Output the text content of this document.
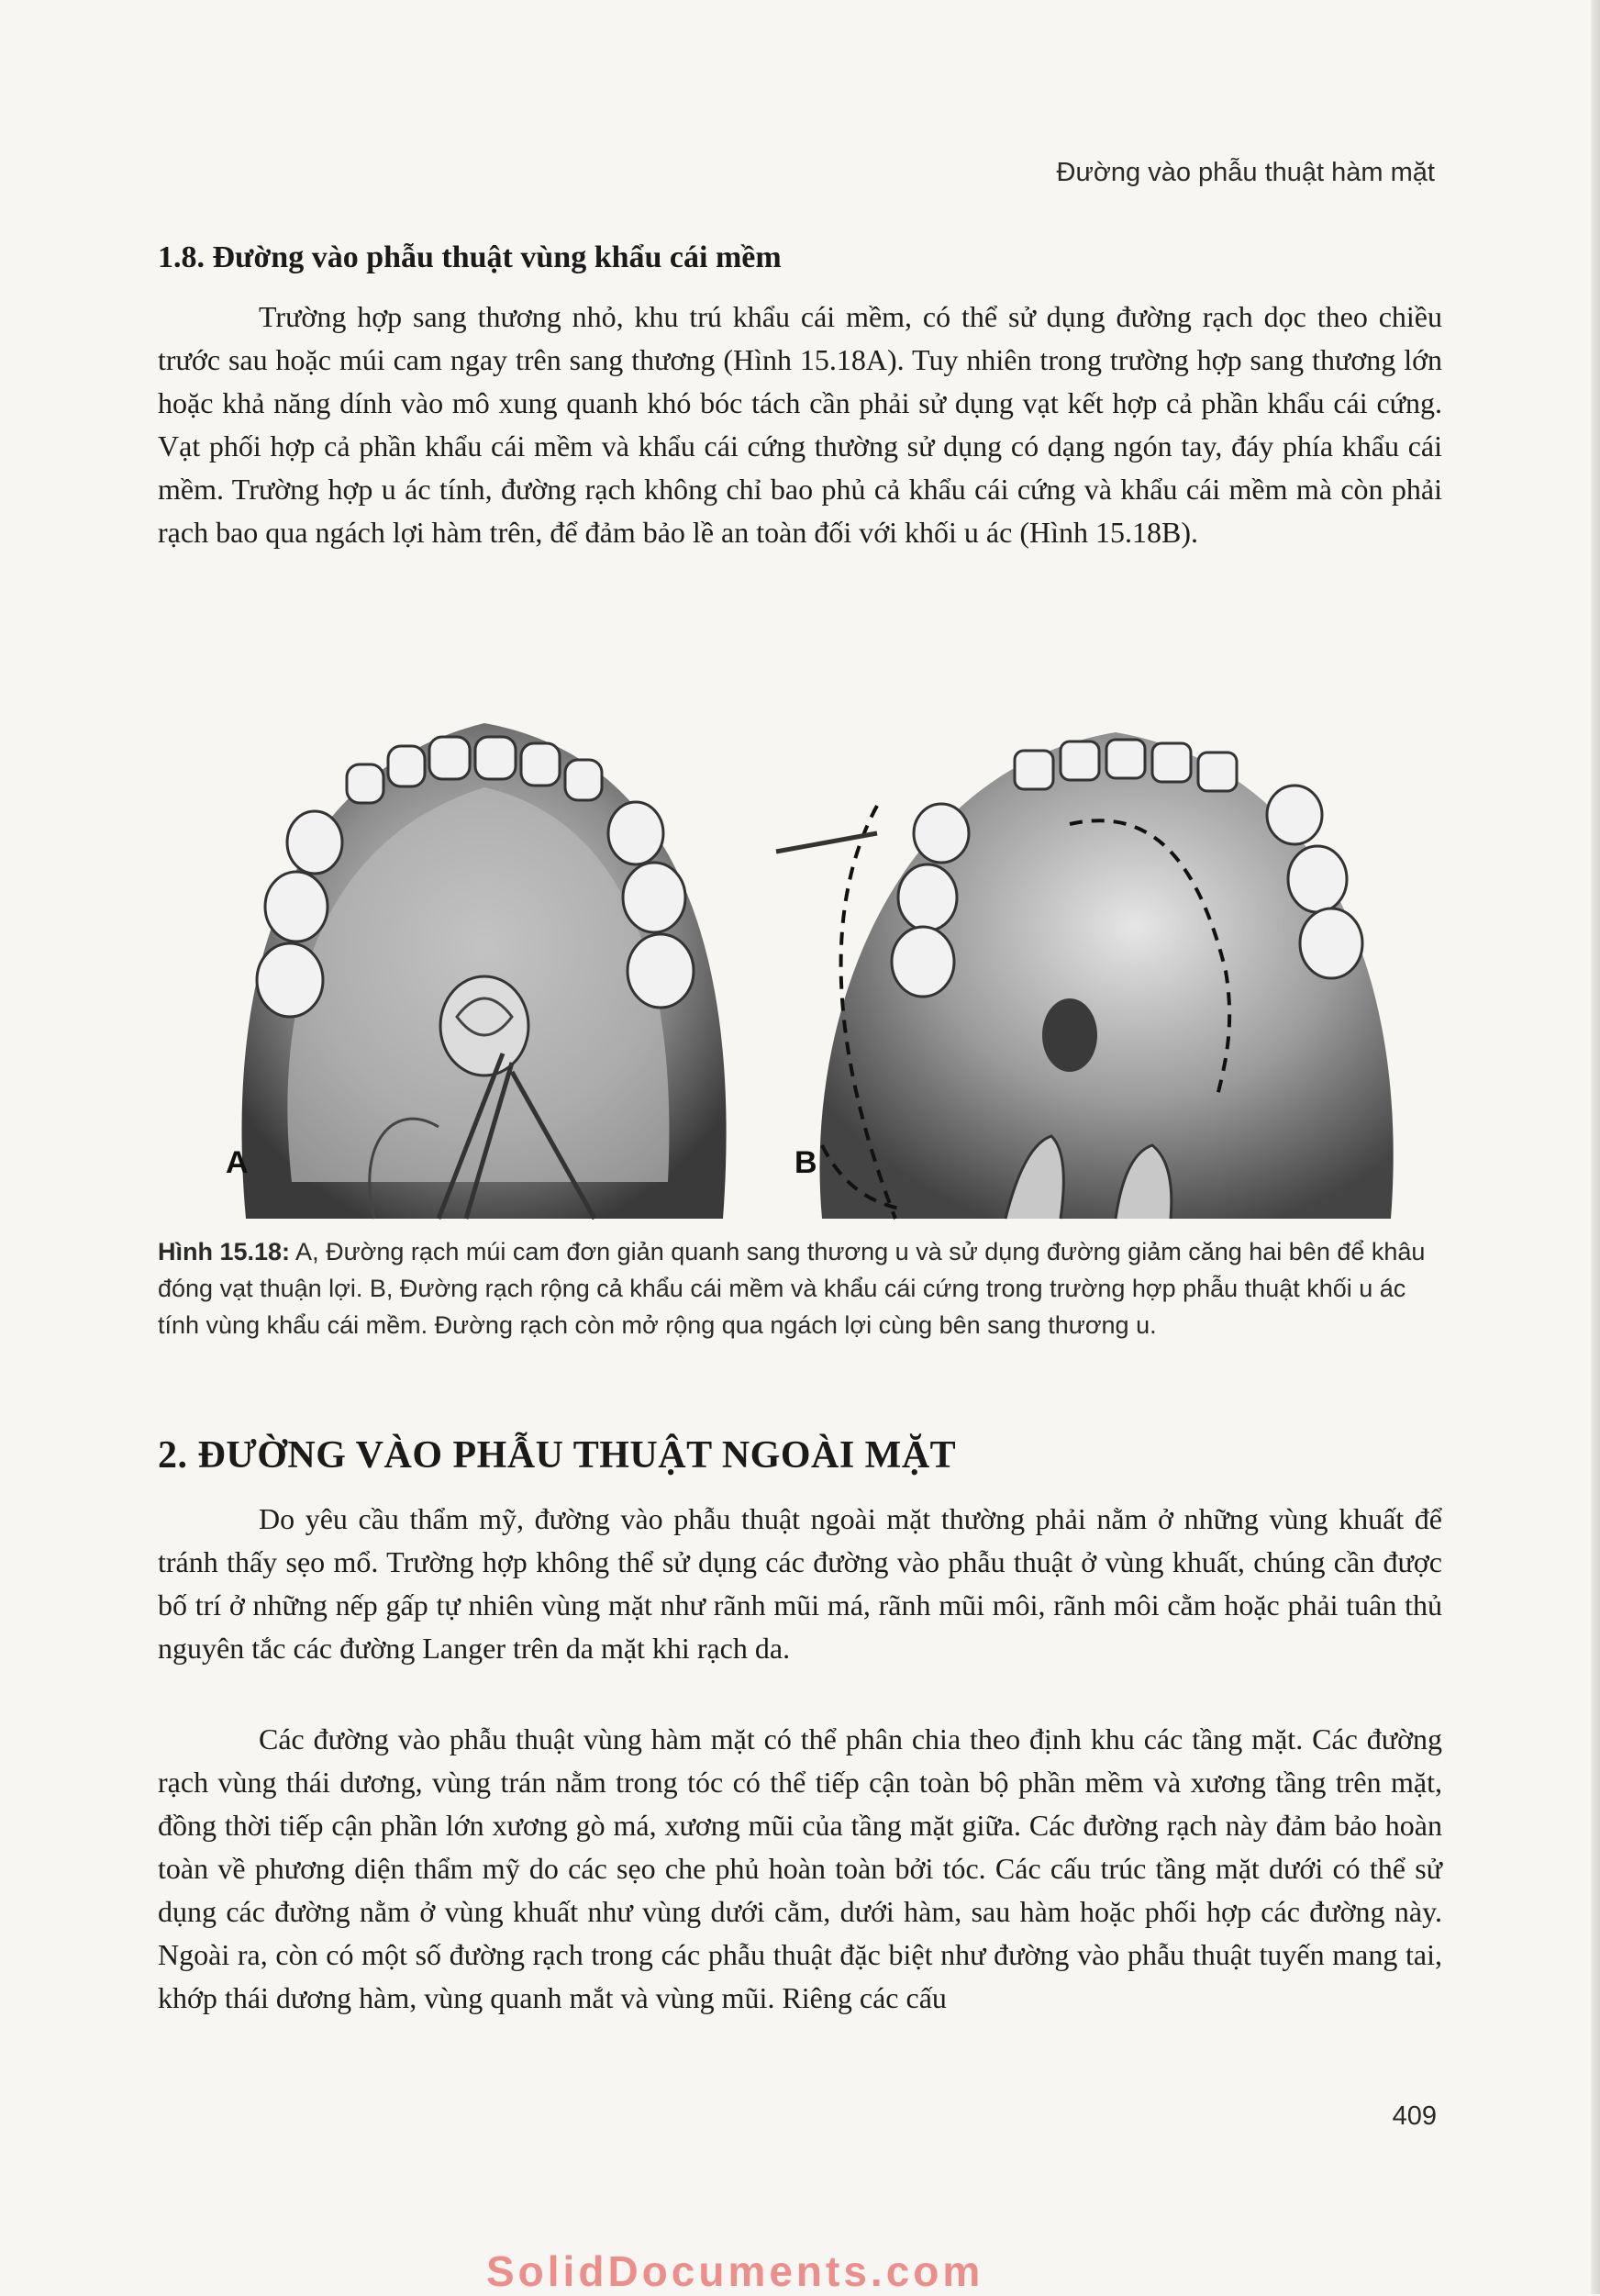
Đường vào phẫu thuật hàm mặt
1.8. Đường vào phẫu thuật vùng khẩu cái mềm

Trường hợp sang thương nhỏ, khu trú khẩu cái mềm, có thể sử dụng đường rạch dọc theo chiều trước sau hoặc múi cam ngay trên sang thương (Hình 15.18A). Tuy nhiên trong trường hợp sang thương lớn hoặc khả năng dính vào mô xung quanh khó bóc tách cần phải sử dụng vạt kết hợp cả phần khẩu cái cứng. Vạt phối hợp cả phần khẩu cái mềm và khẩu cái cứng thường sử dụng có dạng ngón tay, đáy phía khẩu cái mềm. Trường hợp u ác tính, đường rạch không chỉ bao phủ cả khẩu cái cứng và khẩu cái mềm mà còn phải rạch bao qua ngách lợi hàm trên, để đảm bảo lề an toàn đối với khối u ác (Hình 15.18B).

A	B

Hình 15.18: A, Đường rạch múi cam đơn giản quanh sang thương u và sử dụng đường giảm căng hai bên để khâu đóng vạt thuận lợi. B, Đường rạch rộng cả khẩu cái mềm và khẩu cái cứng trong trường hợp phẫu thuật khối u ác tính vùng khẩu cái mềm. Đường rạch còn mở rộng qua ngách lợi cùng bên sang thương u.

2. ĐƯỜNG VÀO PHẪU THUẬT NGOÀI MẶT

Do yêu cầu thẩm mỹ, đường vào phẫu thuật ngoài mặt thường phải nằm ở những vùng khuất để tránh thấy sẹo mổ. Trường hợp không thể sử dụng các đường vào phẫu thuật ở vùng khuất, chúng cần được bố trí ở những nếp gấp tự nhiên vùng mặt như rãnh mũi má, rãnh mũi môi, rãnh môi cằm hoặc phải tuân thủ nguyên tắc các đường Langer trên da mặt khi rạch da.

Các đường vào phẫu thuật vùng hàm mặt có thể phân chia theo định khu các tầng mặt. Các đường rạch vùng thái dương, vùng trán nằm trong tóc có thể tiếp cận toàn bộ phần mềm và xương tầng trên mặt, đồng thời tiếp cận phần lớn xương gò má, xương mũi của tầng mặt giữa. Các đường rạch này đảm bảo hoàn toàn về phương diện thẩm mỹ do các sẹo che phủ hoàn toàn bởi tóc. Các cấu trúc tầng mặt dưới có thể sử dụng các đường nằm ở vùng khuất như vùng dưới cằm, dưới hàm, sau hàm hoặc phối hợp các đường này. Ngoài ra, còn có một số đường rạch trong các phẫu thuật đặc biệt như đường vào phẫu thuật tuyến mang tai, khớp thái dương hàm, vùng quanh mắt và vùng mũi. Riêng các cấu

409
SolidDocuments.com
